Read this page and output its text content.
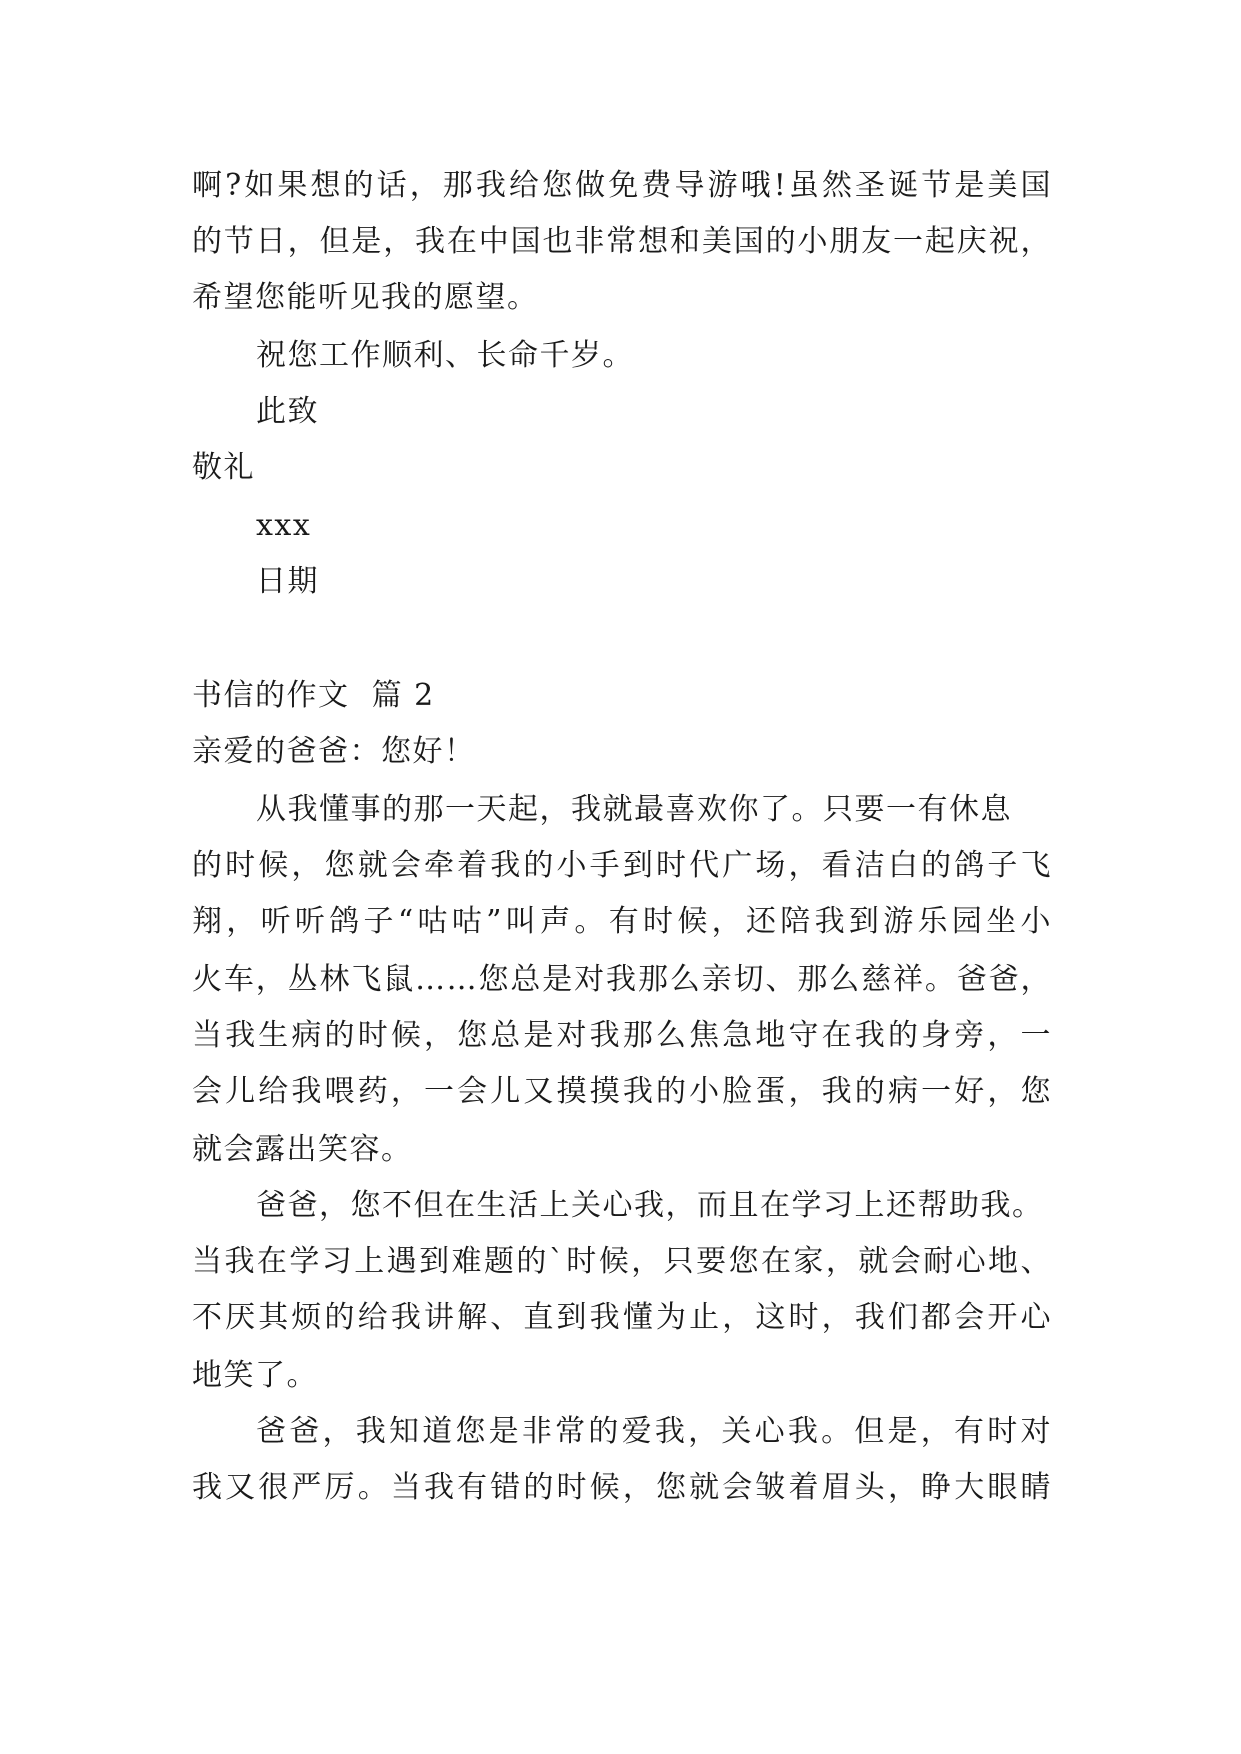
啊?如果想的话，那我给您做免费导游哦!虽然圣诞节是美国
的节日，但是，我在中国也非常想和美国的小朋友一起庆祝，
希望您能听见我的愿望。
祝您工作顺利、长命千岁。
此致
敬礼
xxx
日期
书信的作文  篇 2
亲爱的爸爸：您好！
从我懂事的那一天起，我就最喜欢你了。只要一有休息
的时候，您就会牵着我的小手到时代广场，看洁白的鸽子飞
翔，听听鸽子“咕咕”叫声。有时候，还陪我到游乐园坐小
火车，丛林飞鼠……您总是对我那么亲切、那么慈祥。爸爸，
当我生病的时候，您总是对我那么焦急地守在我的身旁，一
会儿给我喂药，一会儿又摸摸我的小脸蛋，我的病一好，您
就会露出笑容。
爸爸，您不但在生活上关心我，而且在学习上还帮助我。
当我在学习上遇到难题的`时候，只要您在家，就会耐心地、
不厌其烦的给我讲解、直到我懂为止，这时，我们都会开心
地笑了。
爸爸，我知道您是非常的爱我，关心我。但是，有时对
我又很严厉。当我有错的时候，您就会皱着眉头，睁大眼睛
